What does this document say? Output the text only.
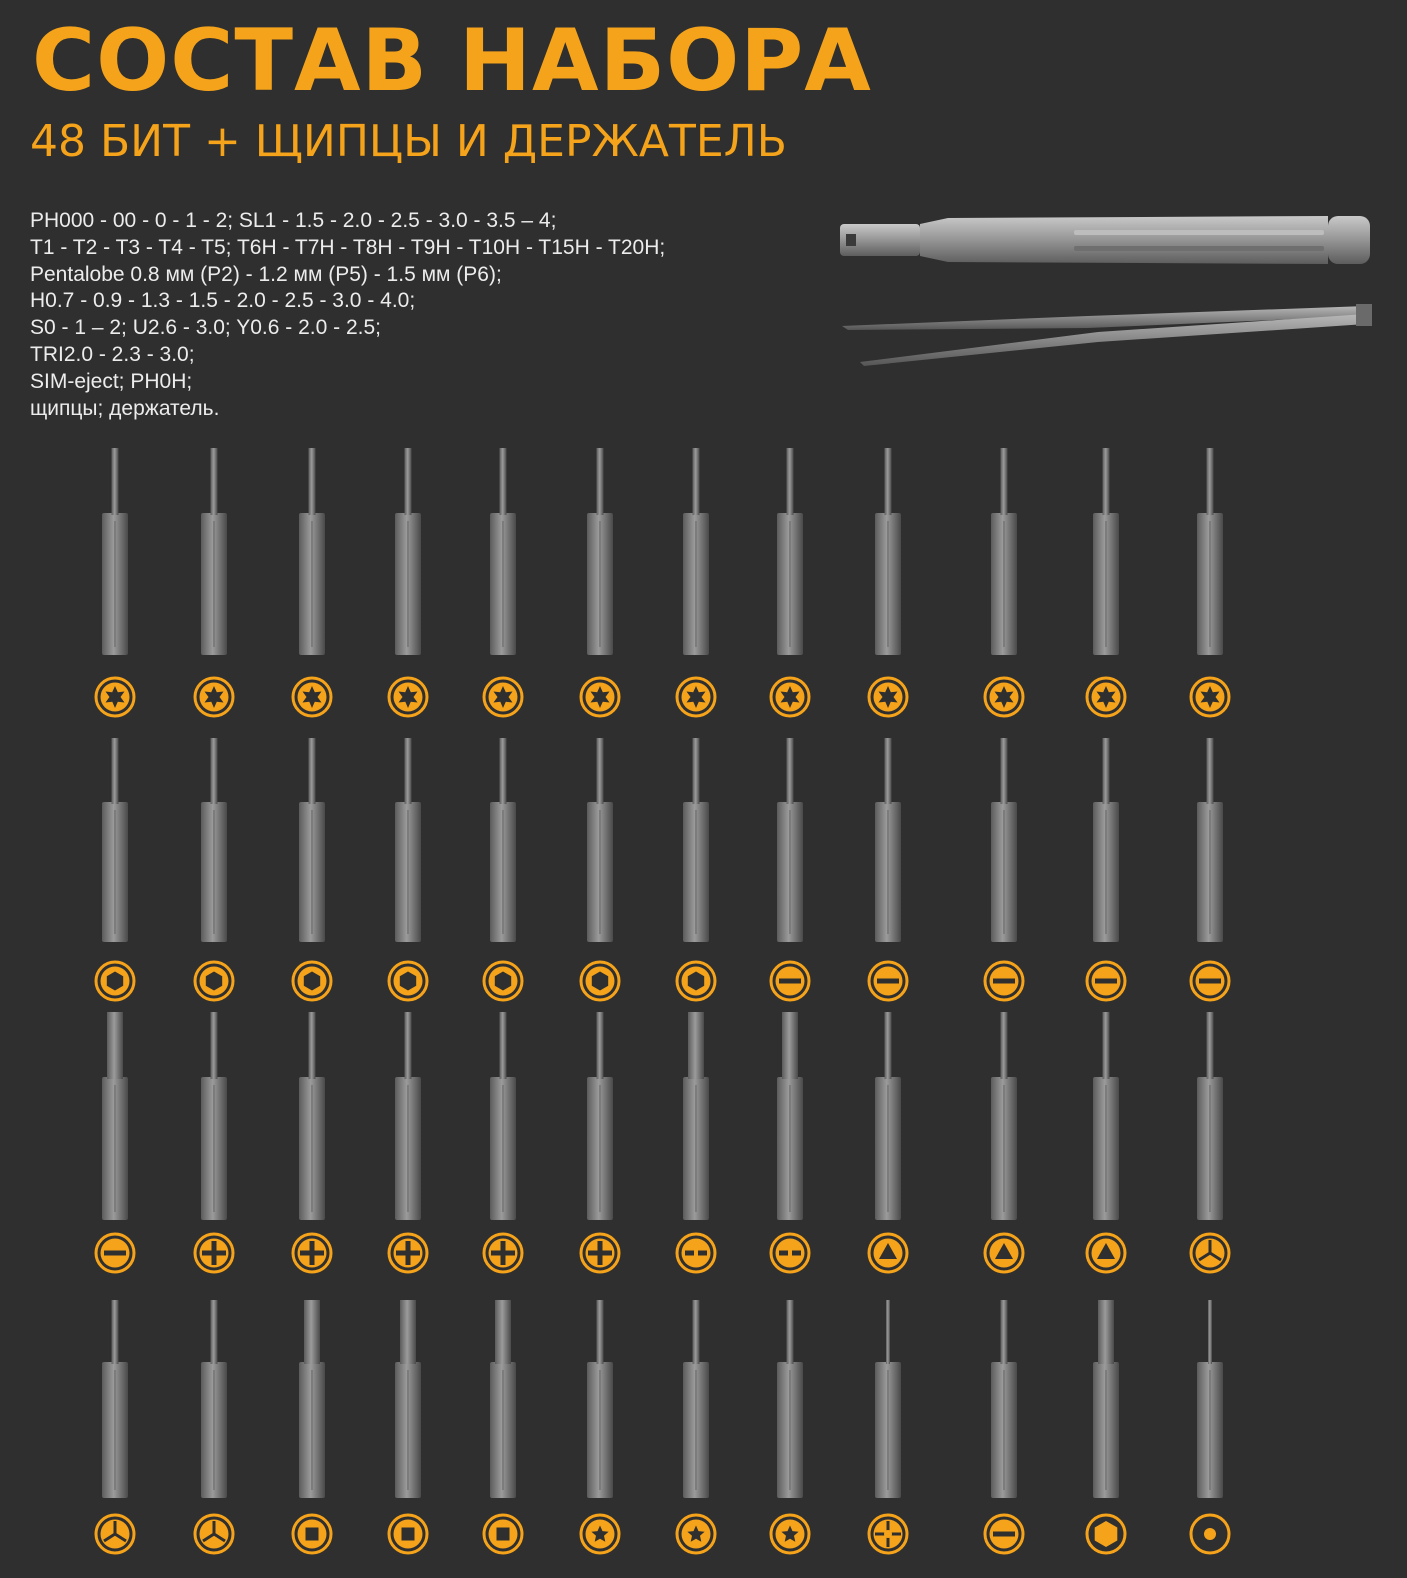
СОСТАВ НАБОРА
48 БИТ + ЩИПЦЫ И ДЕРЖАТЕЛЬ
PH000 - 00 - 0 - 1 - 2; SL1 - 1.5 - 2.0 - 2.5 - 3.0 - 3.5 – 4;
T1 - T2 - T3 - T4 - T5; T6H - T7H - T8H - T9H - T10H - T15H - T20H;
Pentalobe 0.8 мм (P2) - 1.2 мм (P5) - 1.5 мм (P6);
H0.7 - 0.9 - 1.3 - 1.5 - 2.0 - 2.5 - 3.0 - 4.0;
S0 - 1 – 2; U2.6 - 3.0; Y0.6 - 2.0 - 2.5;
TRI2.0 - 2.3 - 3.0;
SIM-eject; PH0H;
щипцы; держатель.
